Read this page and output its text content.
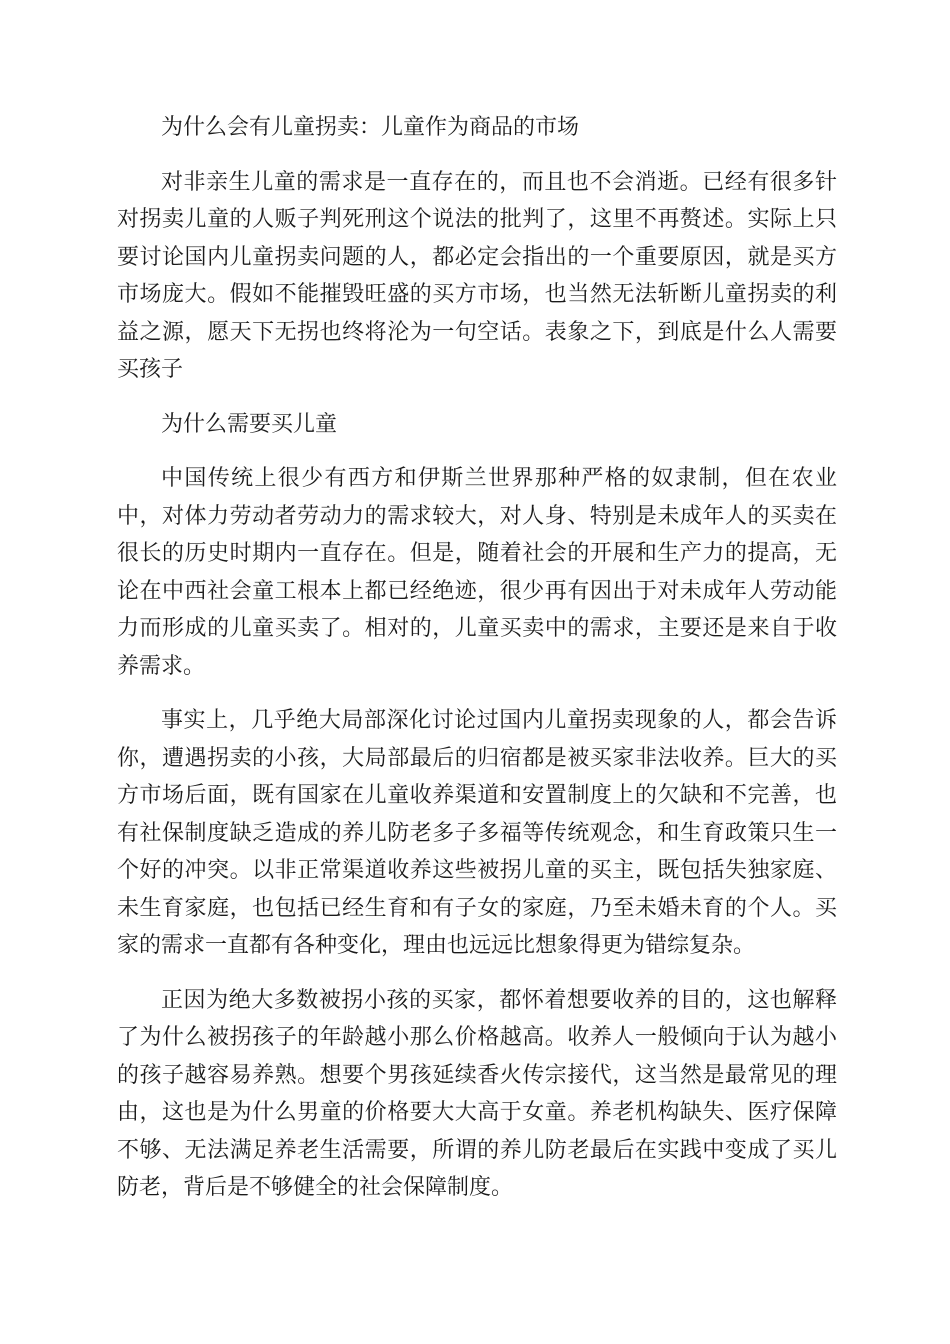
为什么会有儿童拐卖：儿童作为商品的市场

对非亲生儿童的需求是一直存在的，而且也不会消逝。已经有很多针对拐卖儿童的人贩子判死刑这个说法的批判了，这里不再赘述。实际上只要讨论国内儿童拐卖问题的人，都必定会指出的一个重要原因，就是买方市场庞大。假如不能摧毁旺盛的买方市场，也当然无法斩断儿童拐卖的利益之源，愿天下无拐也终将沦为一句空话。表象之下，到底是什么人需要买孩子

为什么需要买儿童

中国传统上很少有西方和伊斯兰世界那种严格的奴隶制，但在农业中，对体力劳动者劳动力的需求较大，对人身、特别是未成年人的买卖在很长的历史时期内一直存在。但是，随着社会的开展和生产力的提高，无论在中西社会童工根本上都已经绝迹，很少再有因出于对未成年人劳动能力而形成的儿童买卖了。相对的，儿童买卖中的需求，主要还是来自于收养需求。

事实上，几乎绝大局部深化讨论过国内儿童拐卖现象的人，都会告诉你，遭遇拐卖的小孩，大局部最后的归宿都是被买家非法收养。巨大的买方市场后面，既有国家在儿童收养渠道和安置制度上的欠缺和不完善，也有社保制度缺乏造成的养儿防老多子多福等传统观念，和生育政策只生一个好的冲突。以非正常渠道收养这些被拐儿童的买主，既包括失独家庭、未生育家庭，也包括已经生育和有子女的家庭，乃至未婚未育的个人。买家的需求一直都有各种变化，理由也远远比想象得更为错综复杂。

正因为绝大多数被拐小孩的买家，都怀着想要收养的目的，这也解释了为什么被拐孩子的年龄越小那么价格越高。收养人一般倾向于认为越小的孩子越容易养熟。想要个男孩延续香火传宗接代，这当然是最常见的理由，这也是为什么男童的价格要大大高于女童。养老机构缺失、医疗保障不够、无法满足养老生活需要，所谓的养儿防老最后在实践中变成了买儿防老，背后是不够健全的社会保障制度。
